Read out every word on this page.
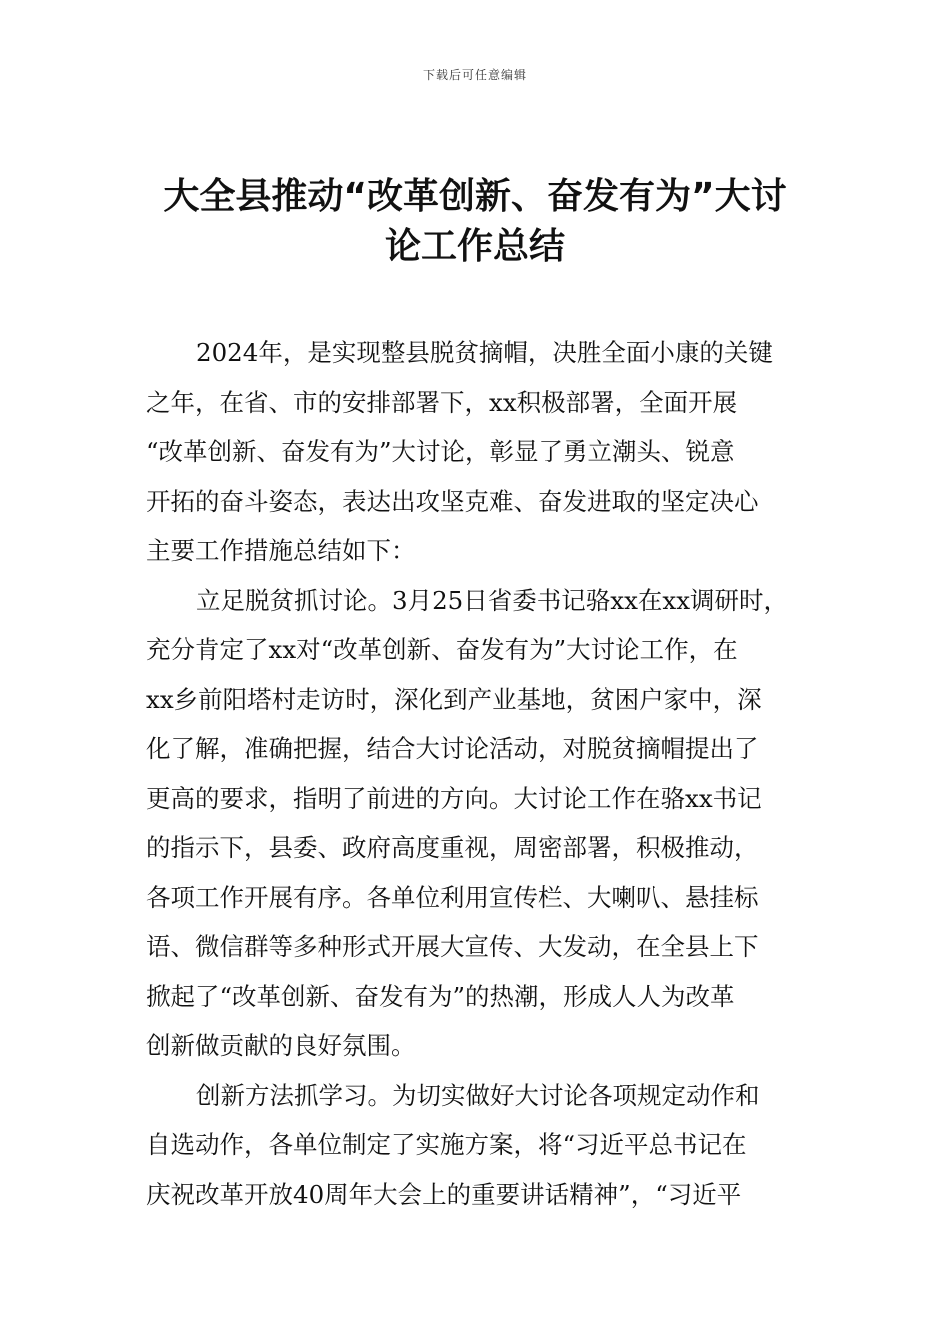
下载后可任意编辑
大全县推动“改革创新、奋发有为”大讨
论工作总结

2024年，是实现整县脱贫摘帽，决胜全面小康的关键
之年，在省、市的安排部署下，xx积极部署，全面开展
“改革创新、奋发有为”大讨论，彰显了勇立潮头、锐意
开拓的奋斗姿态，表达出攻坚克难、奋发进取的坚定决心
主要工作措施总结如下：

立足脱贫抓讨论。3月25日省委书记骆xx在xx调研时，
充分肯定了xx对“改革创新、奋发有为”大讨论工作，在
xx乡前阳塔村走访时，深化到产业基地，贫困户家中，深
化了解，准确把握，结合大讨论活动，对脱贫摘帽提出了
更高的要求，指明了前进的方向。大讨论工作在骆xx书记
的指示下，县委、政府高度重视，周密部署，积极推动，
各项工作开展有序。各单位利用宣传栏、大喇叭、悬挂标
语、微信群等多种形式开展大宣传、大发动，在全县上下
掀起了“改革创新、奋发有为”的热潮，形成人人为改革
创新做贡献的良好氛围。

创新方法抓学习。为切实做好大讨论各项规定动作和
自选动作，各单位制定了实施方案，将“习近平总书记在
庆祝改革开放40周年大会上的重要讲话精神”，“习近平
